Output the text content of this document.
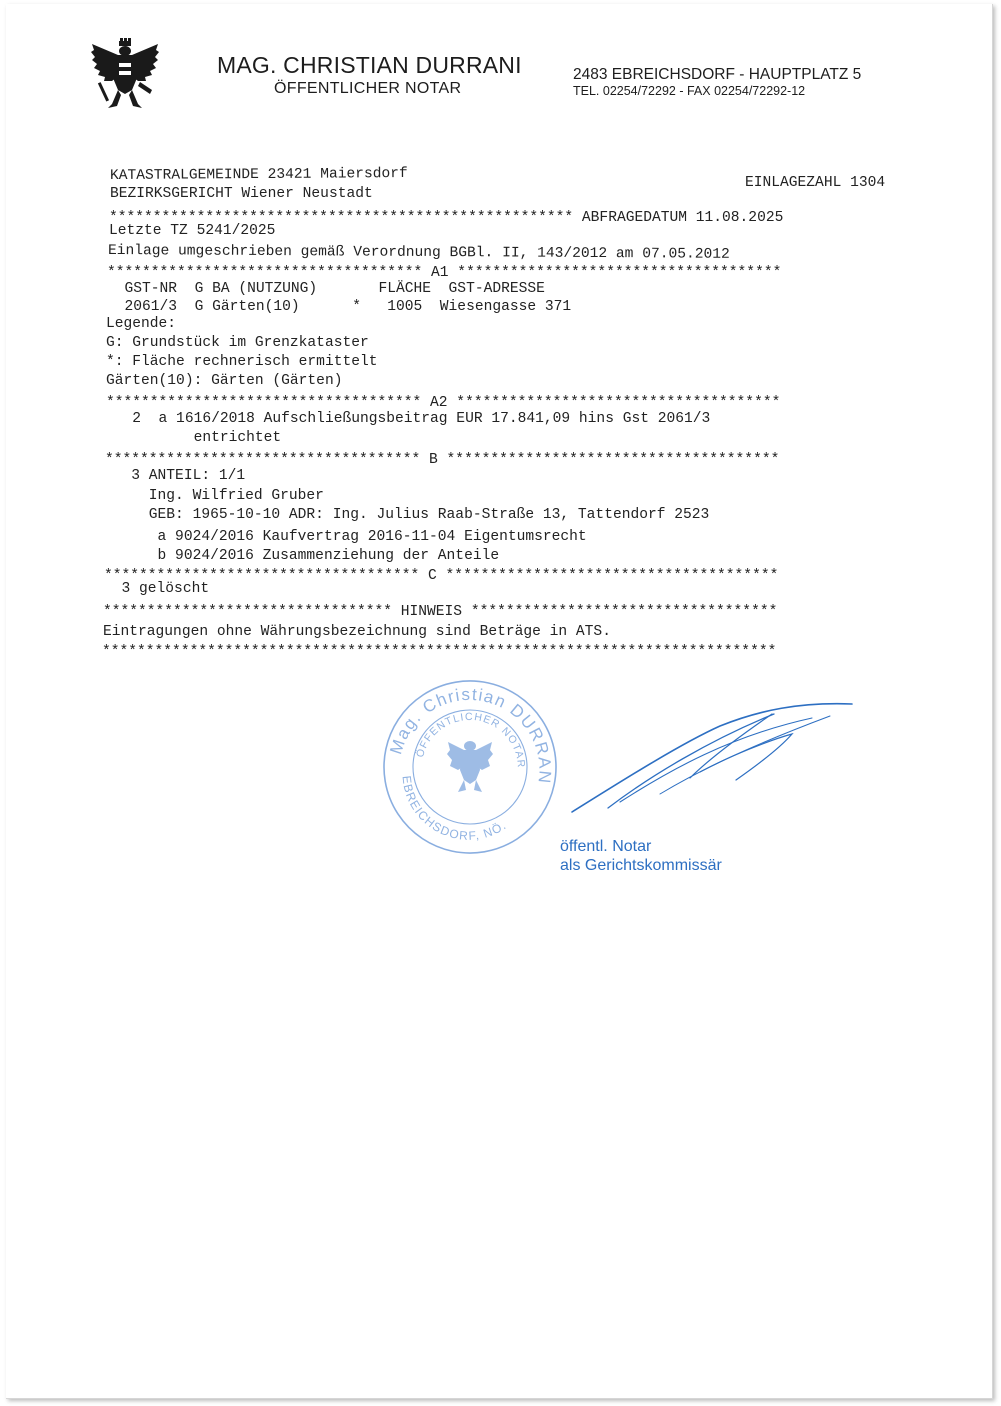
MAG. CHRISTIAN DURRANI
ÖFFENTLICHER NOTAR
2483 EBREICHSDORF - HAUPTPLATZ 5
TEL. 02254/72292 - FAX 02254/72292-12
KATASTRALGEMEINDE 23421 Maiersdorf	EINLAGEZAHL 1304
BEZIRKSGERICHT Wiener Neustadt
***************************************************** ABFRAGEDATUM 11.08.2025
Letzte TZ 5241/2025
Einlage umgeschrieben gemäß Verordnung BGBl. II, 143/2012 am 07.05.2012
************************************ A1 *************************************
GST-NR  G BA (NUTZUNG)       FLÄCHE  GST-ADRESSE
2061/3  G Gärten(10)      *   1005  Wiesengasse 371
Legende:
G: Grundstück im Grenzkataster
*: Fläche rechnerisch ermittelt
Gärten(10): Gärten (Gärten)
************************************ A2 *************************************
2  a 1616/2018 Aufschließungsbeitrag EUR 17.841,09 hins Gst 2061/3
entrichtet
************************************ B **************************************
3 ANTEIL: 1/1
Ing. Wilfried Gruber
GEB: 1965-10-10 ADR: Ing. Julius Raab-Straße 13, Tattendorf 2523
a 9024/2016 Kaufvertrag 2016-11-04 Eigentumsrecht
b 9024/2016 Zusammenziehung der Anteile
************************************ C **************************************
3 gelöscht
********************************* HINWEIS ***********************************
Eintragungen ohne Währungsbezeichnung sind Beträge in ATS.
*****************************************************************************
Mag. Christian DURRANI
ÖFFENTLICHER NOTAR
EBREICHSDORF, NÖ.
öffentl. Notar
als Gerichtskommissär
